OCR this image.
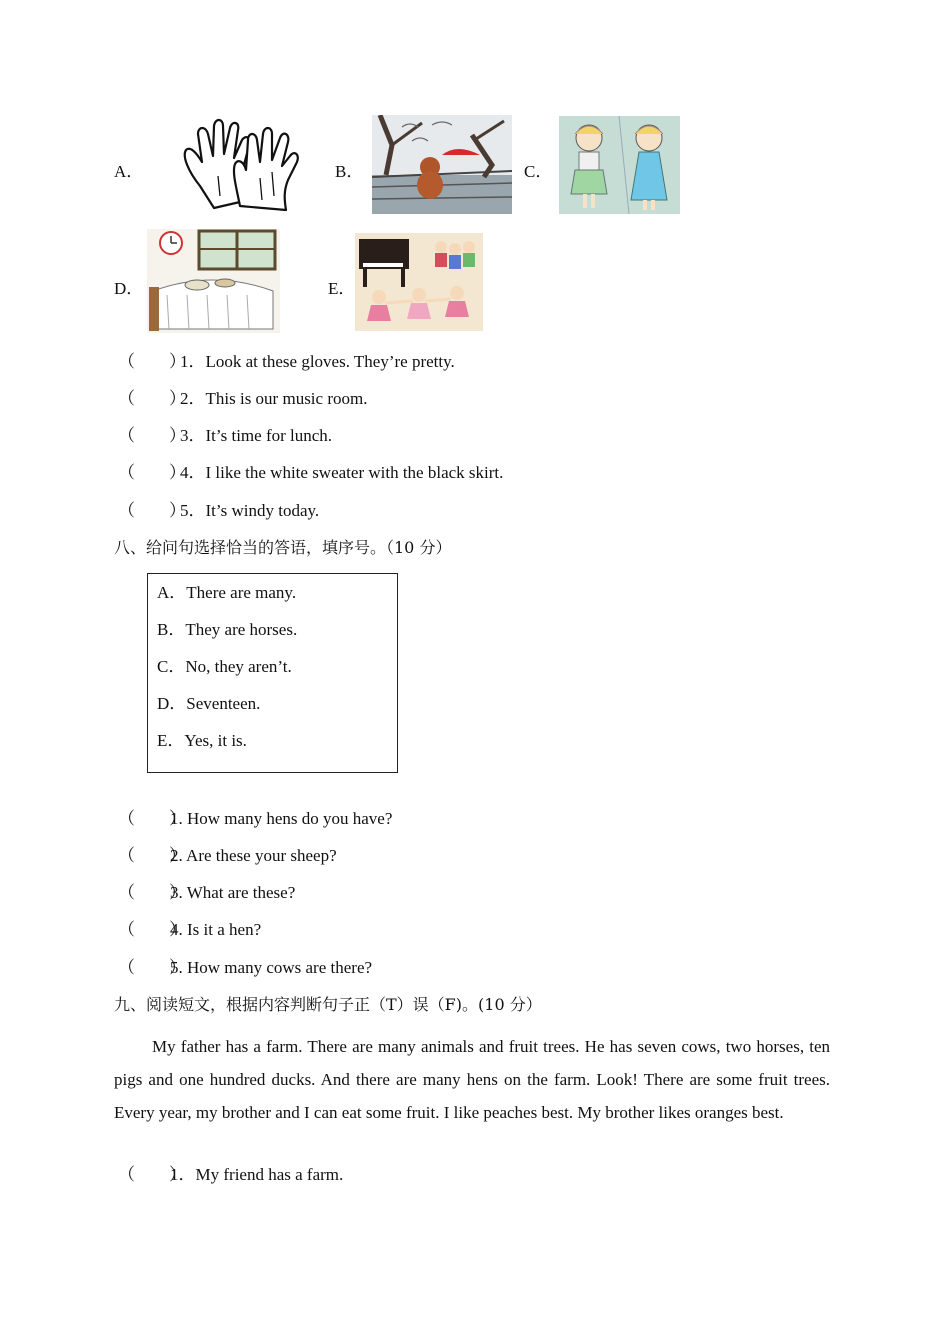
A．	B．	C．
D．	E．
（　　）1．Look at these gloves. They’re pretty.
（　　）2．This is our music room.
（　　）3．It’s time for lunch.
（　　）4．I like the white sweater with the black skirt.
（　　）5．It’s windy today.
八、给问句选择恰当的答语，填序号。（10 分）
A．There are many.
B．They are horses.
C．No, they aren’t.
D．Seventeen.
E．Yes, it is.
（　　）1. How many hens do you have?
（　　）2. Are these your sheep?
（　　）3. What are these?
（　　）4. Is it a hen?
（　　）5. How many cows are there?
九、阅读短文，根据内容判断句子正（T）误（F)。(10 分）
My father has a farm. There are many animals and fruit trees. He has seven cows, two horses, ten pigs and one hundred ducks. And there are many hens on the farm. Look! There are some fruit trees. Every year, my brother and I can eat some fruit. I like peaches best. My brother likes oranges best.
（　　）1．My friend has a farm.
